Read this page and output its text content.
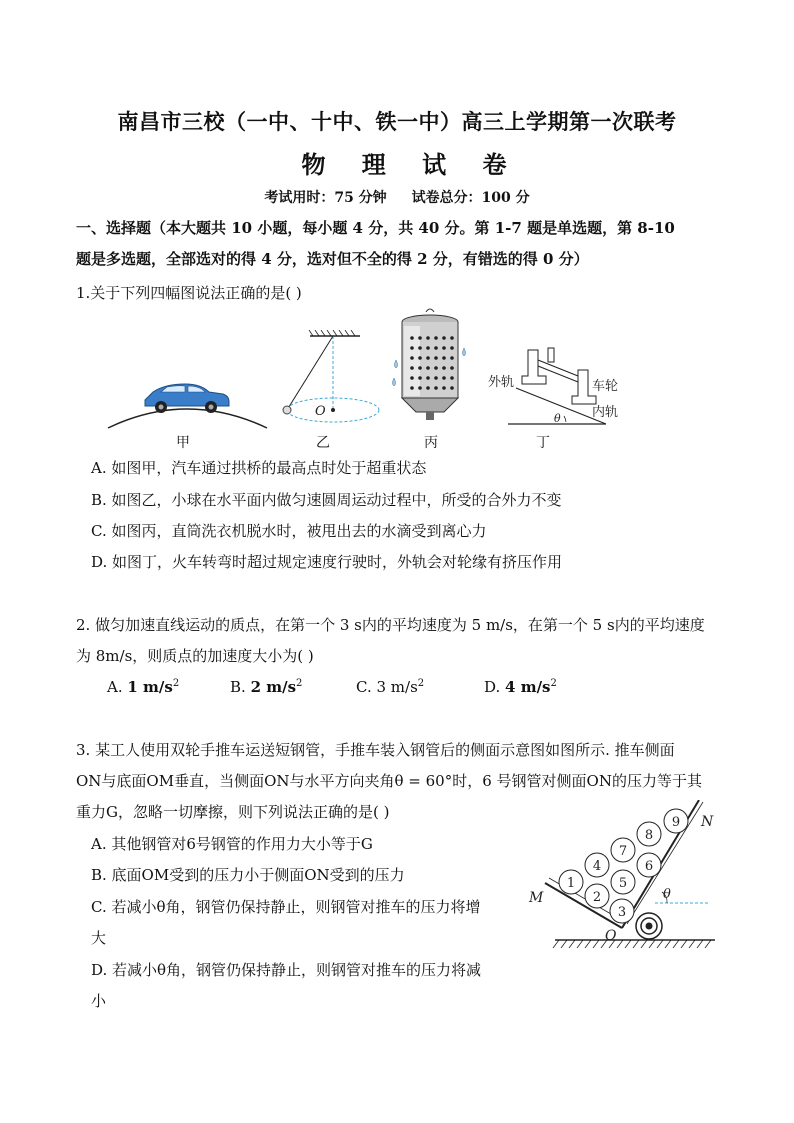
南昌市三校（一中、十中、铁一中）高三上学期第一次联考
物 理 试 卷
考试用时：75 分钟 试卷总分：100 分
一、选择题（本大题共 10 小题，每小题 4 分，共 40 分。第 1-7 题是单选题，第 8-10
题是多选题，全部选对的得 4 分，选对但不全的得 2 分，有错选的得 0 分）
1.关于下列四幅图说法正确的是( )
甲
O
乙	丙
外轨	车轮
内轨
θ
丁
A. 如图甲，汽车通过拱桥的最高点时处于超重状态
B. 如图乙，小球在水平面内做匀速圆周运动过程中，所受的合外力不变
C. 如图丙，直筒洗衣机脱水时，被甩出去的水滴受到离心力
D. 如图丁，火车转弯时超过规定速度行驶时，外轨会对轮缘有挤压作用
2. 做匀加速直线运动的质点，在第一个 3 s内的平均速度为 5 m/s，在第一个 5 s内的平均速度
为 8m/s，则质点的加速度大小为( )
A. 1 $m/s^2$	B. 2 $m/s^2$	C. 3 $m/s^2$	D. 4 $m/s^2$
3. 某工人使用双轮手推车运送短钢管，手推车装入钢管后的侧面示意图如图所示. 推车侧面
ON与底面OM垂直，当侧面ON与水平方向夹角θ = 60°时，6 号钢管对侧面ON的压力等于其
重力G，忽略一切摩擦，则下列说法正确的是( )
A. 其他钢管对6号钢管的作用力大小等于G
B. 底面OM受到的压力小于侧面ON受到的压力
C. 若减小θ角，钢管仍保持静止，则钢管对推车的压力将增
大
D. 若减小θ角，钢管仍保持静止，则钢管对推车的压力将减
小
θ
1
2
3
4
5
6
7
8
9
M
N
O
